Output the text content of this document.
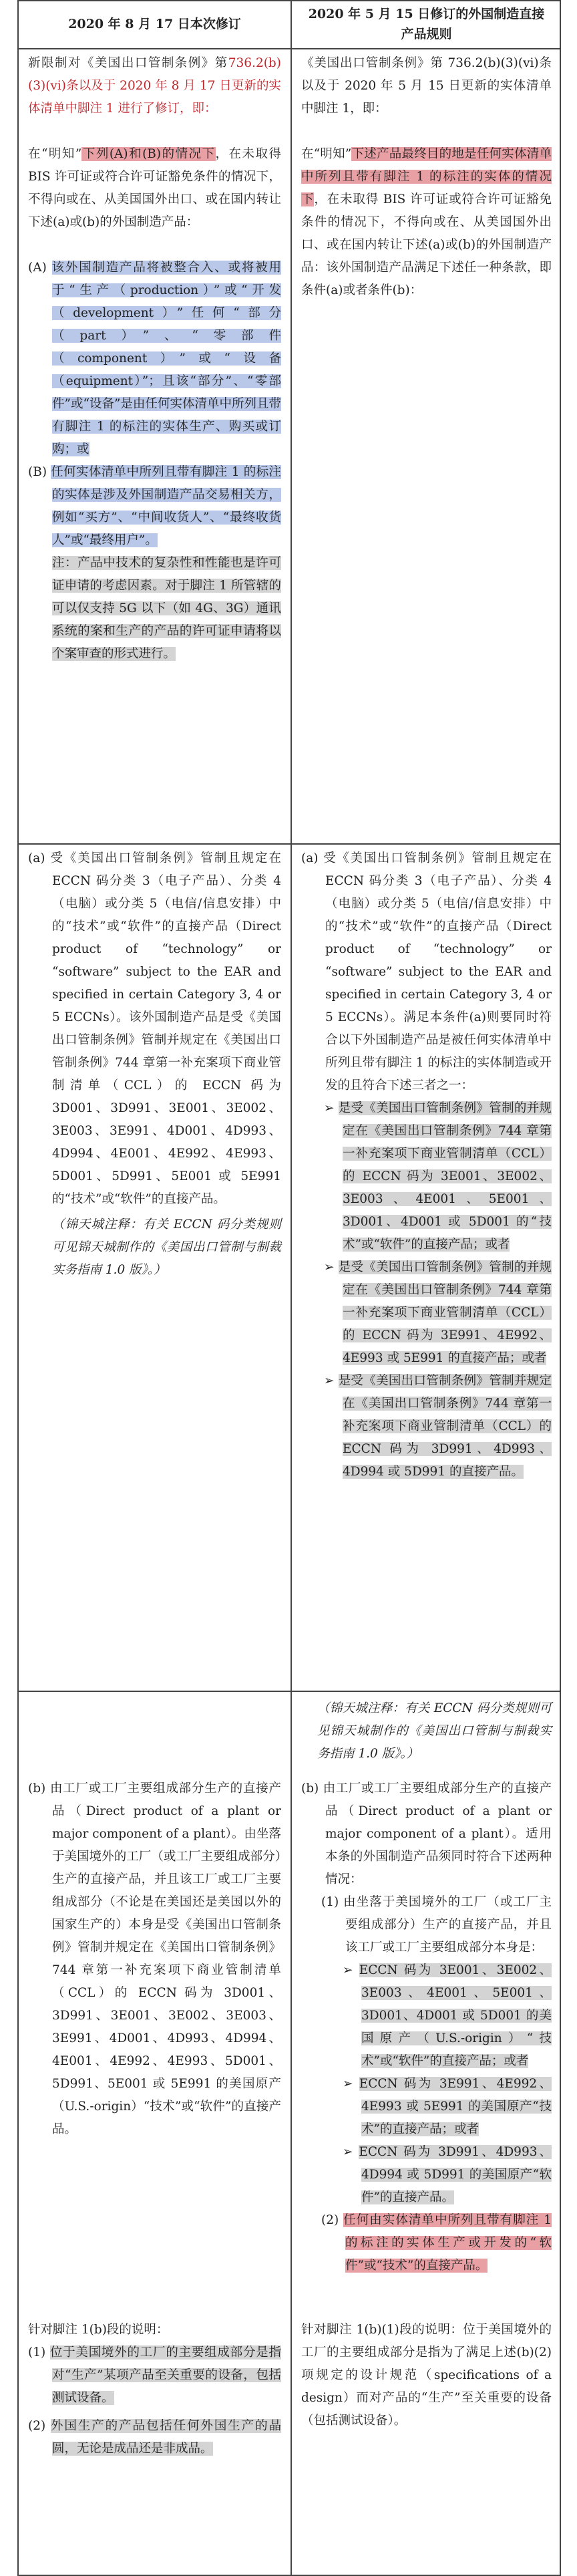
2020 年 8 月 17 日本次修订
2020 年 5 月 15 日修订的外国制造直接产品规则

新限制对《美国出口管制条例》第736.2(b)(3)(vi)条以及于 2020 年 8 月 17 日更新的实体清单中脚注 1 进行了修订，即：

在“明知”下列(A)和(B)的情况下，在未取得 BIS 许可证或符合许可证豁免条件的情况下，不得向或在、从美国国外出口、或在国内转让下述(a)或(b)的外国制造产品：

(A) 该外国制造产品将被整合入、或将被用于“生产（production）”或“开发（development）”任何“部分（part）”、“零部件（component）”或“设备（equipment）”；且该“部分”、“零部件”或“设备”是由任何实体清单中所列且带有脚注 1 的标注的实体生产、购买或订购；或

(B) 任何实体清单中所列且带有脚注 1 的标注的实体是涉及外国制造产品交易相关方，例如“买方”、“中间收货人”、“最终收货人”或“最终用户”。

注：产品中技术的复杂性和性能也是许可证申请的考虑因素。对于脚注 1 所管辖的可以仅支持 5G 以下（如 4G、3G）通讯系统的案和生产的产品的许可证申请将以个案审查的形式进行。

《美国出口管制条例》第 736.2(b)(3)(vi)条以及于 2020 年 5 月 15 日更新的实体清单中脚注 1，即：

在“明知”下述产品最终目的地是任何实体清单中所列且带有脚注 1 的标注的实体的情况下，在未取得 BIS 许可证或符合许可证豁免条件的情况下，不得向或在、从美国国外出口、或在国内转让下述(a)或(b)的外国制造产品：该外国制造产品满足下述任一种条款，即条件(a)或者条件(b)：

(a) 受《美国出口管制条例》管制且规定在 ECCN 码分类 3（电子产品）、分类 4（电脑）或分类 5（电信/信息安排）中的“技术”或“软件”的直接产品（Direct product of “technology” or “software” subject to the EAR and specified in certain Category 3, 4 or 5 ECCNs）。该外国制造产品是受《美国出口管制条例》管制并规定在《美国出口管制条例》744 章第一补充案项下商业管制清单（CCL）的 ECCN 码为 3D001、3D991、3E001、3E002、3E003、3E991、4D001、4D993、4D994、4E001、4E992、4E993、5D001、5D991、5E001 或 5E991 的“技术”或“软件”的直接产品。

（锦天城注释：有关 ECCN 码分类规则可见锦天城制作的《美国出口管制与制裁实务指南 1.0 版》。）

(a) 受《美国出口管制条例》管制且规定在 ECCN 码分类 3（电子产品）、分类 4（电脑）或分类 5（电信/信息安排）中的“技术”或“软件”的直接产品（Direct product of “technology” or “software” subject to the EAR and specified in certain Category 3, 4 or 5 ECCNs）。满足本条件(a)则要同时符合以下外国制造产品是被任何实体清单中所列且带有脚注 1 的标注的实体制造或开发的且符合下述三者之一：

➢ 是受《美国出口管制条例》管制的并规定在《美国出口管制条例》744 章第一补充案项下商业管制清单（CCL）的 ECCN 码为 3E001、3E002、3E003、4E001、5E001、3D001、4D001 或 5D001 的“技术”或“软件”的直接产品；或者

➢ 是受《美国出口管制条例》管制的并规定在《美国出口管制条例》744 章第一补充案项下商业管制清单（CCL）的 ECCN 码为 3E991、4E992、4E993 或 5E991 的直接产品；或者

➢ 是受《美国出口管制条例》管制并规定在《美国出口管制条例》744 章第一补充案项下商业管制清单（CCL）的 ECCN 码为 3D991、4D993、4D994 或 5D991 的直接产品。

（锦天城注释：有关 ECCN 码分类规则可见锦天城制作的《美国出口管制与制裁实务指南 1.0 版》。）

(b) 由工厂或工厂主要组成部分生产的直接产品（Direct product of a plant or major component of a plant）。由坐落于美国境外的工厂（或工厂主要组成部分）生产的直接产品，并且该工厂或工厂主要组成部分（不论是在美国还是美国以外的国家生产的）本身是受《美国出口管制条例》管制并规定在《美国出口管制条例》744 章第一补充案项下商业管制清单（CCL）的 ECCN 码为 3D001、3D991、3E001、3E002、3E003、3E991、4D001、4D993、4D994、4E001、4E992、4E993、5D001、5D991、5E001 或 5E991 的美国原产（U.S.-origin）“技术”或“软件”的直接产品。

(b) 由工厂或工厂主要组成部分生产的直接产品（Direct product of a plant or major component of a plant）。适用本条的外国制造产品须同时符合下述两种情况：

(1) 由坐落于美国境外的工厂（或工厂主要组成部分）生产的直接产品，并且该工厂或工厂主要组成部分本身是：

➢ ECCN 码为 3E001、3E002、3E003、4E001、5E001、3D001、4D001 或 5D001 的美国原产（U.S.-origin）“技术”或“软件”的直接产品；或者

➢ ECCN 码为 3E991、4E992、4E993 或 5E991 的美国原产“技术”的直接产品；或者

➢ ECCN 码为 3D991、4D993、4D994 或 5D991 的美国原产“软件”的直接产品。

(2) 任何由实体清单中所列且带有脚注 1 的标注的实体生产或开发的“软件”或“技术”的直接产品。

针对脚注 1(b)段的说明：

(1) 位于美国境外的工厂的主要组成部分是指对“生产”某项产品至关重要的设备，包括测试设备。

(2) 外国生产的产品包括任何外国生产的晶圆，无论是成品还是非成品。

针对脚注 1(b)(1)段的说明：位于美国境外的工厂的主要组成部分是指为了满足上述(b)(2)项规定的设计规范（specifications of a design）而对产品的“生产”至关重要的设备（包括测试设备）。
